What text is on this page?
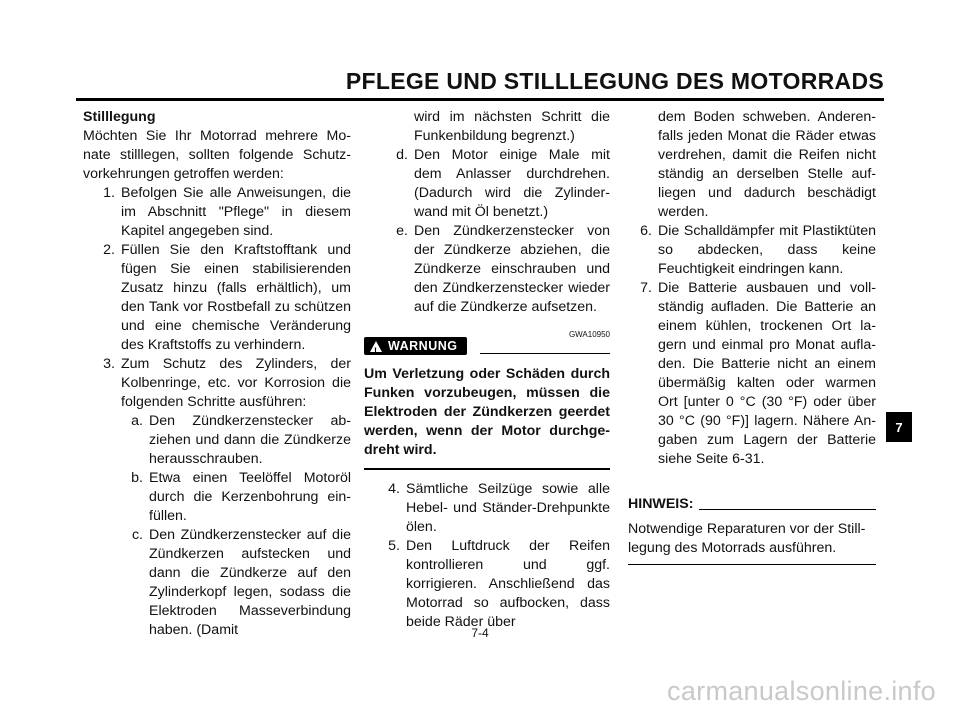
PFLEGE UND STILLLEGUNG DES MOTORRADS

Stilllegung

Möchten Sie Ihr Motorrad mehrere Monate stilllegen, sollten folgende Schutzvorkehrungen getroffen werden:

1. Befolgen Sie alle Anweisungen, die im Abschnitt "Pflege" in diesem Kapitel angegeben sind.
2. Füllen Sie den Kraftstofftank und fügen Sie einen stabilisierenden Zusatz hinzu (falls erhältlich), um den Tank vor Rostbefall zu schützen und eine chemische Veränderung des Kraftstoffs zu verhindern.
3. Zum Schutz des Zylinders, der Kolbenringe, etc. vor Korrosion die folgenden Schritte ausführen:
a. Den Zündkerzenstecker abziehen und dann die Zündkerze herausschrauben.
b. Etwa einen Teelöffel Motoröl durch die Kerzenbohrung einfüllen.
c. Den Zündkerzenstecker auf die Zündkerzen aufstecken und dann die Zündkerze auf den Zylinderkopf legen, sodass die Elektroden Masseverbindung haben. (Damit

wird im nächsten Schritt die Funkenbildung begrenzt.)

d. Den Motor einige Male mit dem Anlasser durchdrehen. (Dadurch wird die Zylinderwand mit Öl benetzt.)
e. Den Zündkerzenstecker von der Zündkerze abziehen, die Zündkerze einschrauben und den Zündkerzenstecker wieder auf die Zündkerze aufsetzen.
GWA10950
!
WARNUNG

Um Verletzung oder Schäden durch Funken vorzubeugen, müssen die Elektroden der Zündkerzen geerdet werden, wenn der Motor durchgedreht wird.

4. Sämtliche Seilzüge sowie alle Hebel- und Ständer-Drehpunkte ölen.
5. Den Luftdruck der Reifen kontrollieren und ggf. korrigieren. Anschließend das Motorrad so aufbocken, dass beide Räder über

dem Boden schweben. Anderenfalls jeden Monat die Räder etwas verdrehen, damit die Reifen nicht ständig an derselben Stelle aufliegen und dadurch beschädigt werden.

6. Die Schalldämpfer mit Plastiktüten so abdecken, dass keine Feuchtigkeit eindringen kann.
7. Die Batterie ausbauen und vollständig aufladen. Die Batterie an einem kühlen, trockenen Ort lagern und einmal pro Monat aufladen. Die Batterie nicht an einem übermäßig kalten oder warmen Ort [unter 0 °C (30 °F) oder über 30 °C (90 °F)] lagern. Nähere Angaben zum Lagern der Batterie siehe Seite 6-31.
HINWEIS:

Notwendige Reparaturen vor der Stilllegung des Motorrads ausführen.

7
7-4
carmanualsonline.info
